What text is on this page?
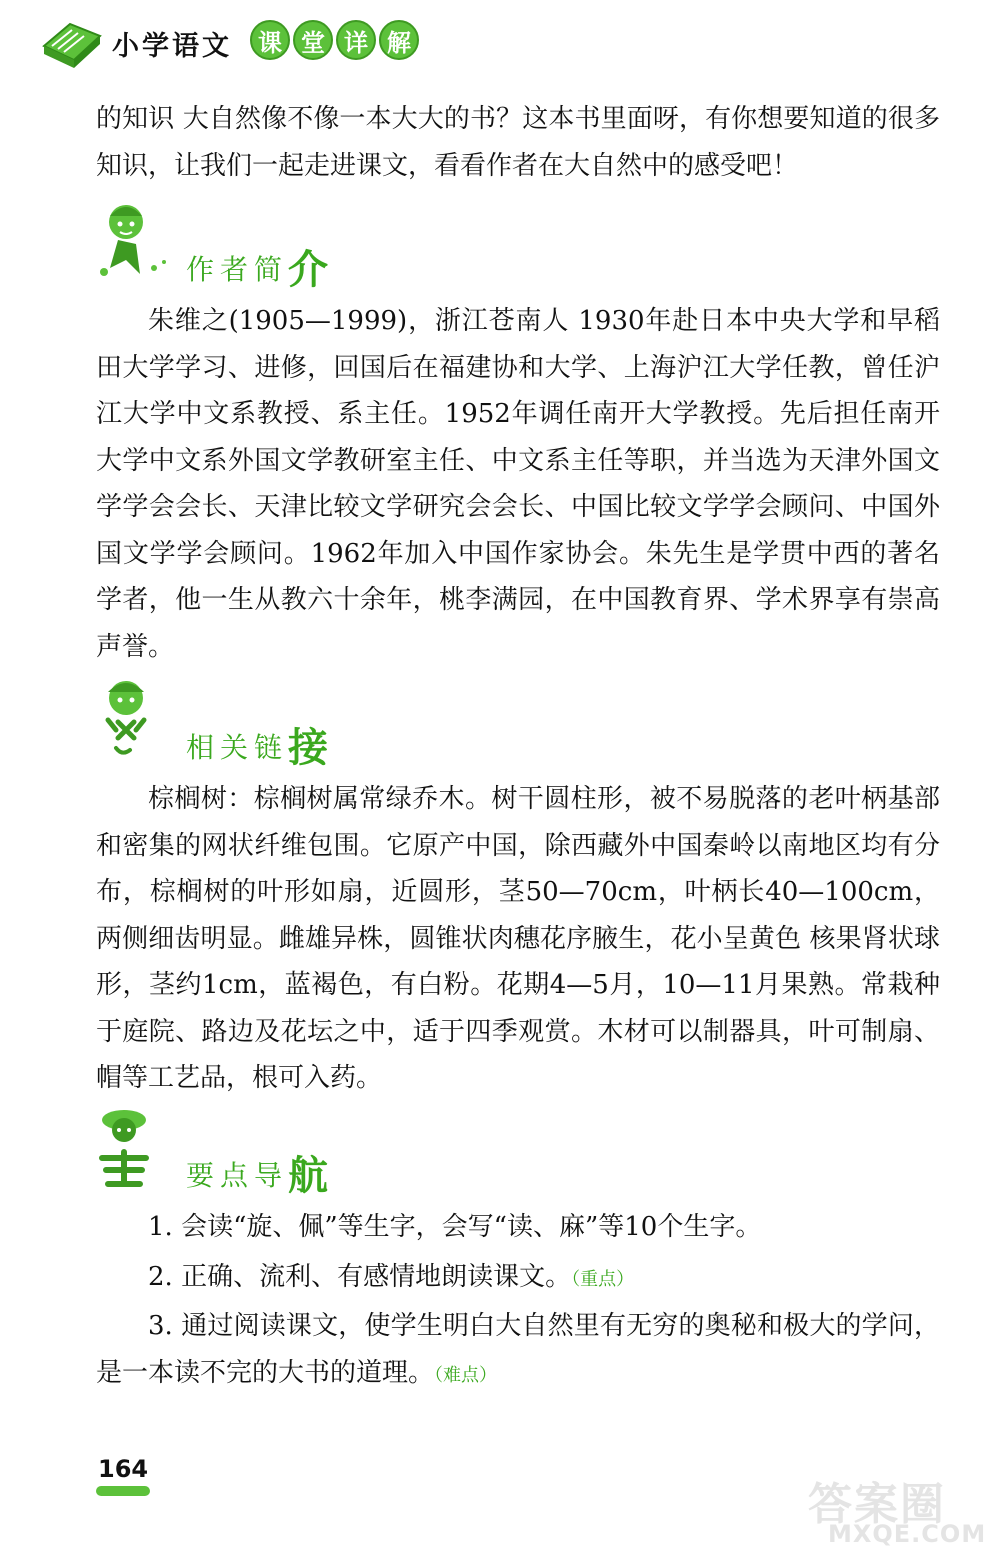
小学语文	课 堂 详 解

的知识 大自然像不像一本大大的书？这本书里面呀，有你想要知道的很多知识，让我们一起走进课文，看看作者在大自然中的感受吧！

作者简介

朱维之(1905—1999)，浙江苍南人 1930年赴日本中央大学和早稻田大学学习、进修，回国后在福建协和大学、上海沪江大学任教，曾任沪江大学中文系教授、系主任。1952年调任南开大学教授。先后担任南开大学中文系外国文学教研室主任、中文系主任等职，并当选为天津外国文学学会会长、天津比较文学研究会会长、中国比较文学学会顾问、中国外国文学学会顾问。1962年加入中国作家协会。朱先生是学贯中西的著名学者，他一生从教六十余年，桃李满园，在中国教育界、学术界享有崇高声誉。

相关链接

棕榈树：棕榈树属常绿乔木。树干圆柱形，被不易脱落的老叶柄基部和密集的网状纤维包围。它原产中国，除西藏外中国秦岭以南地区均有分布，棕榈树的叶形如扇，近圆形，茎50—70cm，叶柄长40—100cm，两侧细齿明显。雌雄异株，圆锥状肉穗花序腋生，花小呈黄色 核果肾状球形，茎约1cm，蓝褐色，有白粉。花期4—5月，10—11月果熟。常栽种于庭院、路边及花坛之中，适于四季观赏。木材可以制器具，叶可制扇、帽等工艺品，根可入药。

要点导航
1. 会读“旋、佩”等生字，会写“读、麻”等10个生字。
2. 正确、流利、有感情地朗读课文。（重点）
3. 通过阅读课文，使学生明白大自然里有无穷的奥秘和极大的学问，是一本读不完的大书的道理。（难点）
164
答案圈
MXQE.COM
